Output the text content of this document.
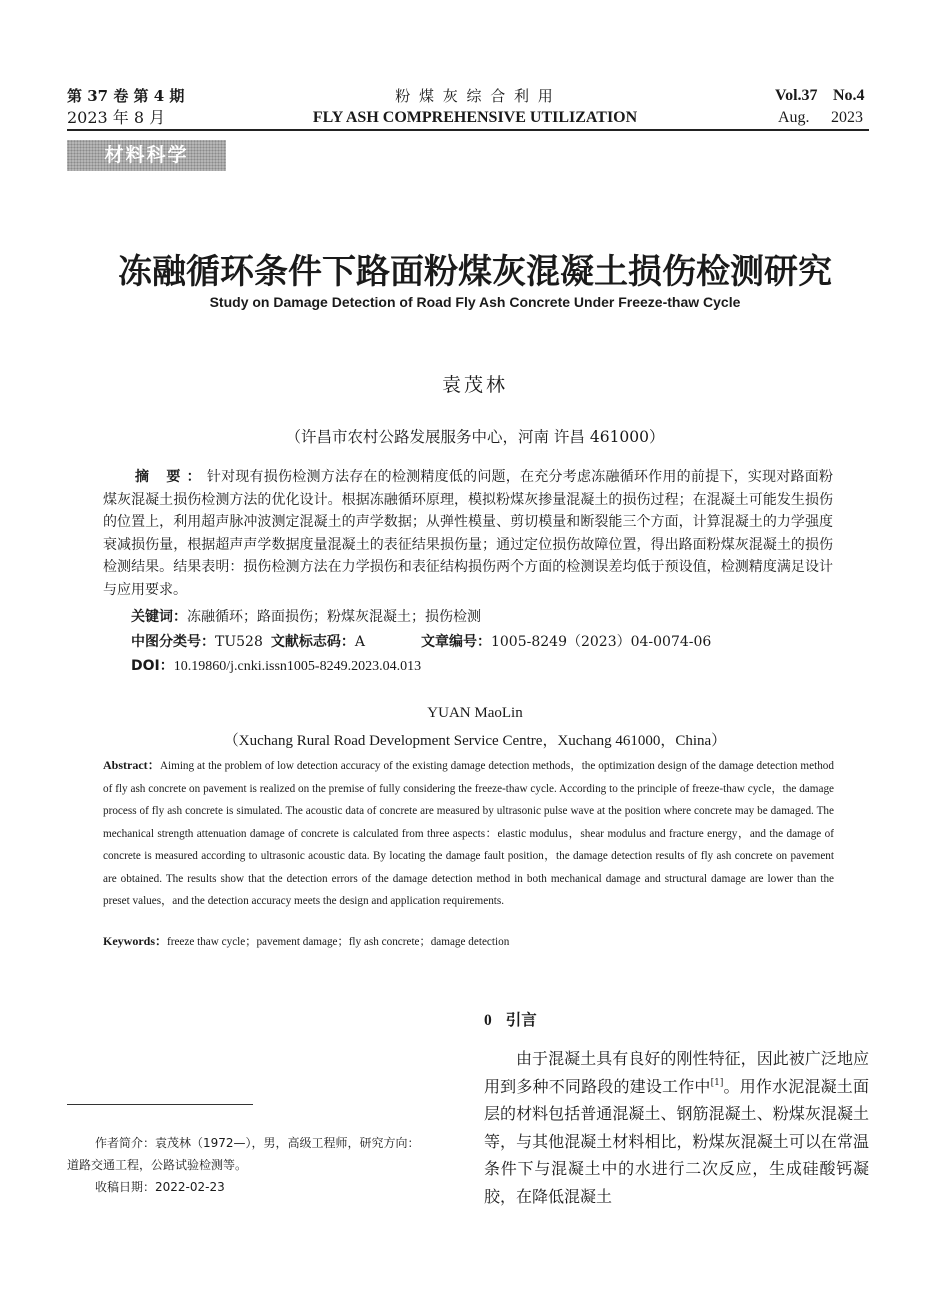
第 37 卷 第 4 期
2023 年 8 月
粉 煤 灰 综 合 利 用
FLY ASH COMPREHENSIVE UTILIZATION
Vol.37 No.4
Aug. 2023
材料科学
冻融循环条件下路面粉煤灰混凝土损伤检测研究
Study on Damage Detection of Road Fly Ash Concrete Under Freeze-thaw Cycle
袁茂林
（许昌市农村公路发展服务中心，河南 许昌 461000）
摘 要：针对现有损伤检测方法存在的检测精度低的问题，在充分考虑冻融循环作用的前提下，实现对路面粉煤灰混凝土损伤检测方法的优化设计。根据冻融循环原理，模拟粉煤灰掺量混凝土的损伤过程；在混凝土可能发生损伤的位置上，利用超声脉冲波测定混凝土的声学数据；从弹性模量、剪切模量和断裂能三个方面，计算混凝土的力学强度衰减损伤量，根据超声声学数据度量混凝土的表征结果损伤量；通过定位损伤故障位置，得出路面粉煤灰混凝土的损伤检测结果。结果表明：损伤检测方法在力学损伤和表征结构损伤两个方面的检测误差均低于预设值，检测精度满足设计与应用要求。
关键词：冻融循环；路面损伤；粉煤灰混凝土；损伤检测
中图分类号：TU528 文献标志码：A	文章编号：1005-8249（2023）04-0074-06
DOI：10.19860/j.cnki.issn1005-8249.2023.04.013
YUAN MaoLin
（Xuchang Rural Road Development Service Centre，Xuchang 461000，China）
Abstract：Aiming at the problem of low detection accuracy of the existing damage detection methods，the optimization design of the damage detection method of fly ash concrete on pavement is realized on the premise of fully considering the freeze-thaw cycle. According to the principle of freeze-thaw cycle，the damage process of fly ash concrete is simulated. The acoustic data of concrete are measured by ultrasonic pulse wave at the position where concrete may be damaged. The mechanical strength attenuation damage of concrete is calculated from three aspects：elastic modulus，shear modulus and fracture energy，and the damage of concrete is measured according to ultrasonic acoustic data. By locating the damage fault position，the damage detection results of fly ash concrete on pavement are obtained. The results show that the detection errors of the damage detection method in both mechanical damage and structural damage are lower than the preset values，and the detection accuracy meets the design and application requirements.
Keywords：freeze thaw cycle；pavement damage；fly ash concrete；damage detection
0 引言
由于混凝土具有良好的刚性特征，因此被广泛地应用到多种不同路段的建设工作中[1]。用作水泥混凝土面层的材料包括普通混凝土、钢筋混凝土、粉煤灰混凝土等，与其他混凝土材料相比，粉煤灰混凝土可以在常温条件下与混凝土中的水进行二次反应，生成硅酸钙凝胶，在降低混凝土
作者简介：袁茂林（1972—），男，高级工程师，研究方向：
道路交通工程，公路试验检测等。
收稿日期：2022-02-23
